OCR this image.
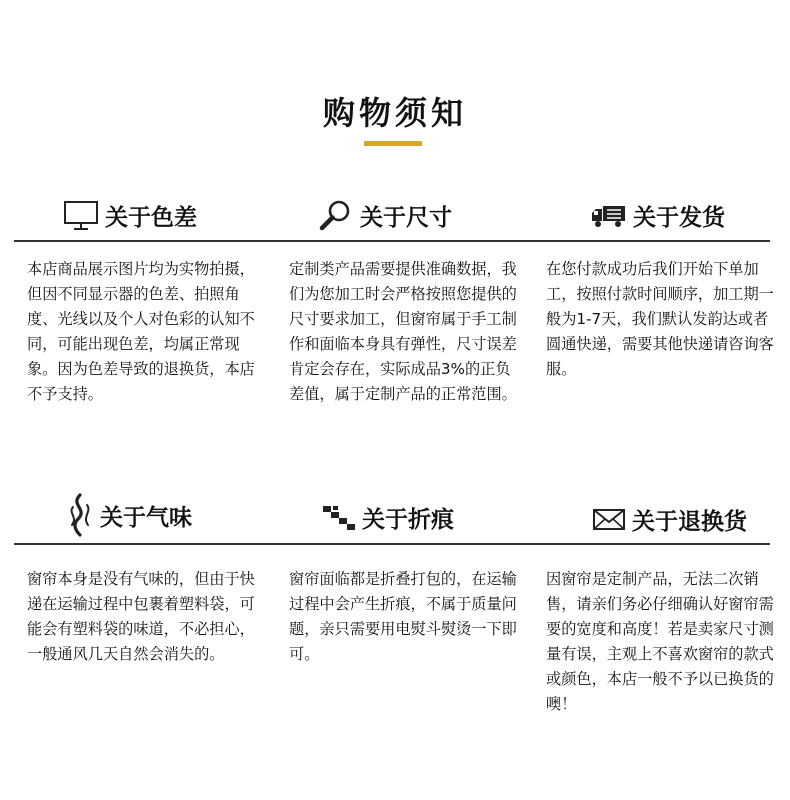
购物须知
关于色差	关于尺寸	关于发货
本店商品展示图片均为实物拍摄，但因不同显示器的色差、拍照角度、光线以及个人对色彩的认知不同，可能出现色差，均属正常现象。因为色差导致的退换货，本店不予支持。
定制类产品需要提供准确数据，我们为您加工时会严格按照您提供的尺寸要求加工，但窗帘属于手工制作和面临本身具有弹性，尺寸误差肯定会存在，实际成品3%的正负差值，属于定制产品的正常范围。
在您付款成功后我们开始下单加工，按照付款时间顺序，加工期一般为1-7天，我们默认发韵达或者圆通快递，需要其他快递请咨询客服。
关于气味	关于折痕	关于退换货
窗帘本身是没有气味的，但由于快递在运输过程中包裹着塑料袋，可能会有塑料袋的味道，不必担心，一般通风几天自然会消失的。
窗帘面临都是折叠打包的，在运输过程中会产生折痕，不属于质量问题，亲只需要用电熨斗熨烫一下即可。
因窗帘是定制产品，无法二次销售，请亲们务必仔细确认好窗帘需要的宽度和高度！若是卖家尺寸测量有误，主观上不喜欢窗帘的款式或颜色，本店一般不予以已换货的噢！
